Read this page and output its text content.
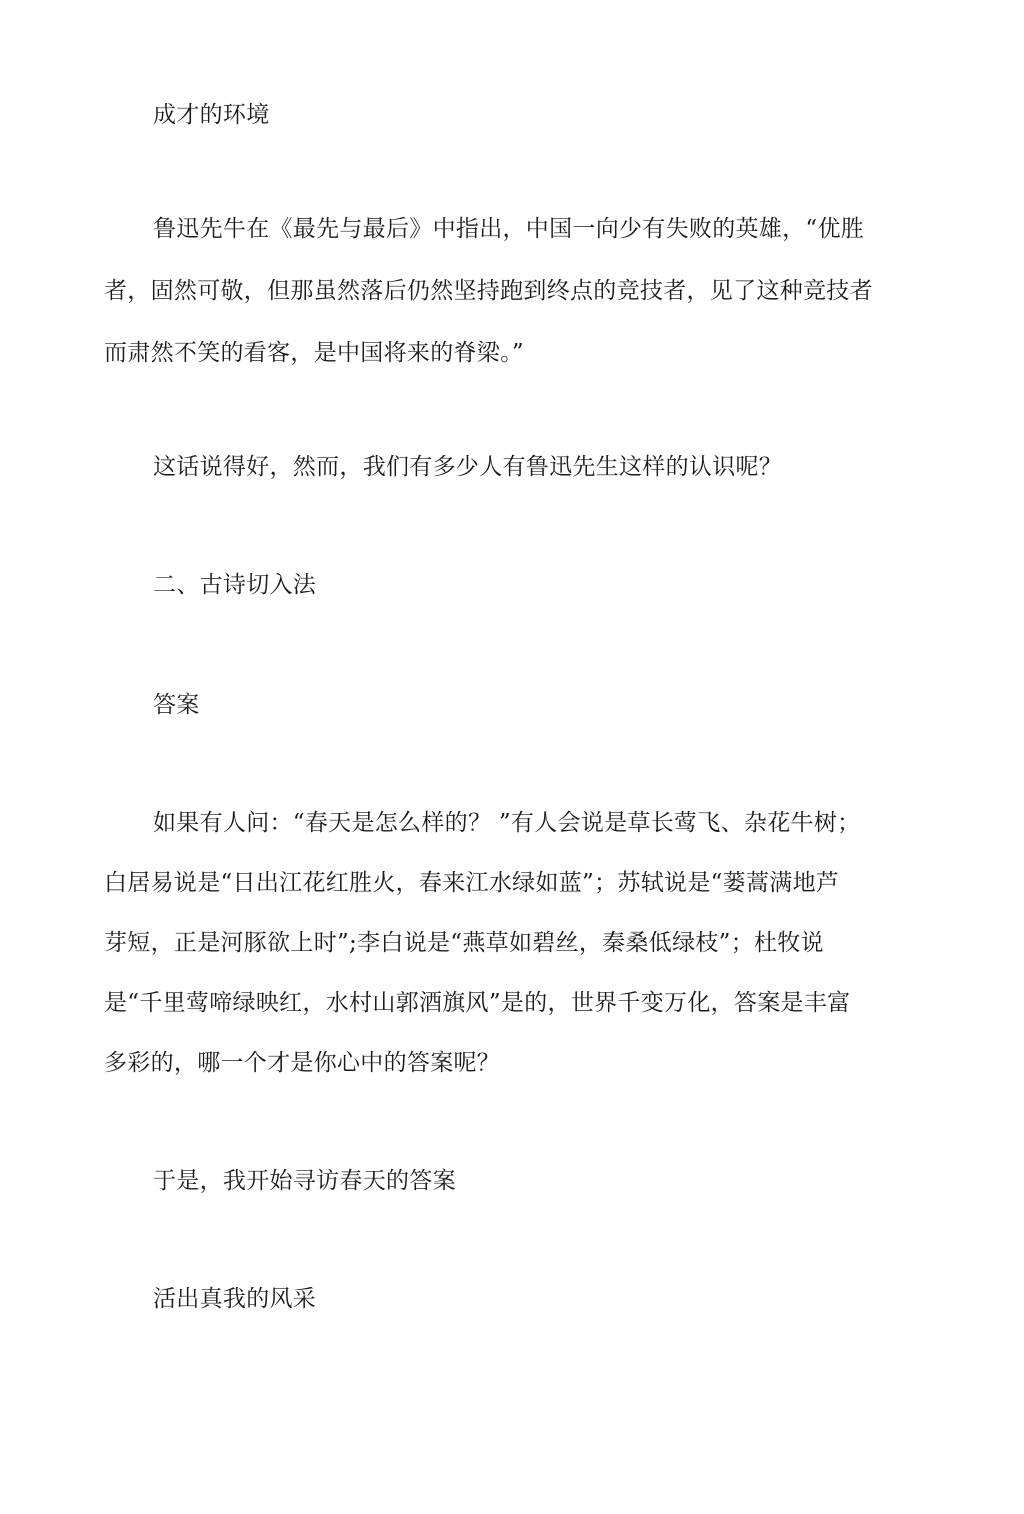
成才的环境

鲁迅先牛在《最先与最后》中指出，中国一向少有失败的英雄，“优胜

者，固然可敬，但那虽然落后仍然坚持跑到终点的竞技者，见了这种竞技者

而肃然不笑的看客，是中国将来的脊梁。”

这话说得好，然而，我们有多少人有鲁迅先生这样的认识呢？

二、古诗切入法

答案

如果有人问：“春天是怎么样的？ ”有人会说是草长莺飞、杂花牛树；

白居易说是“日出江花红胜火，春来江水绿如蓝”；苏轼说是“蒌蒿满地芦

芽短，正是河豚欲上时”;李白说是“燕草如碧丝，秦桑低绿枝”；杜牧说

是“千里莺啼绿映红，水村山郭酒旗风”是的，世界千变万化，答案是丰富

多彩的，哪一个才是你心中的答案呢？

于是，我开始寻访春天的答案

活出真我的风采
